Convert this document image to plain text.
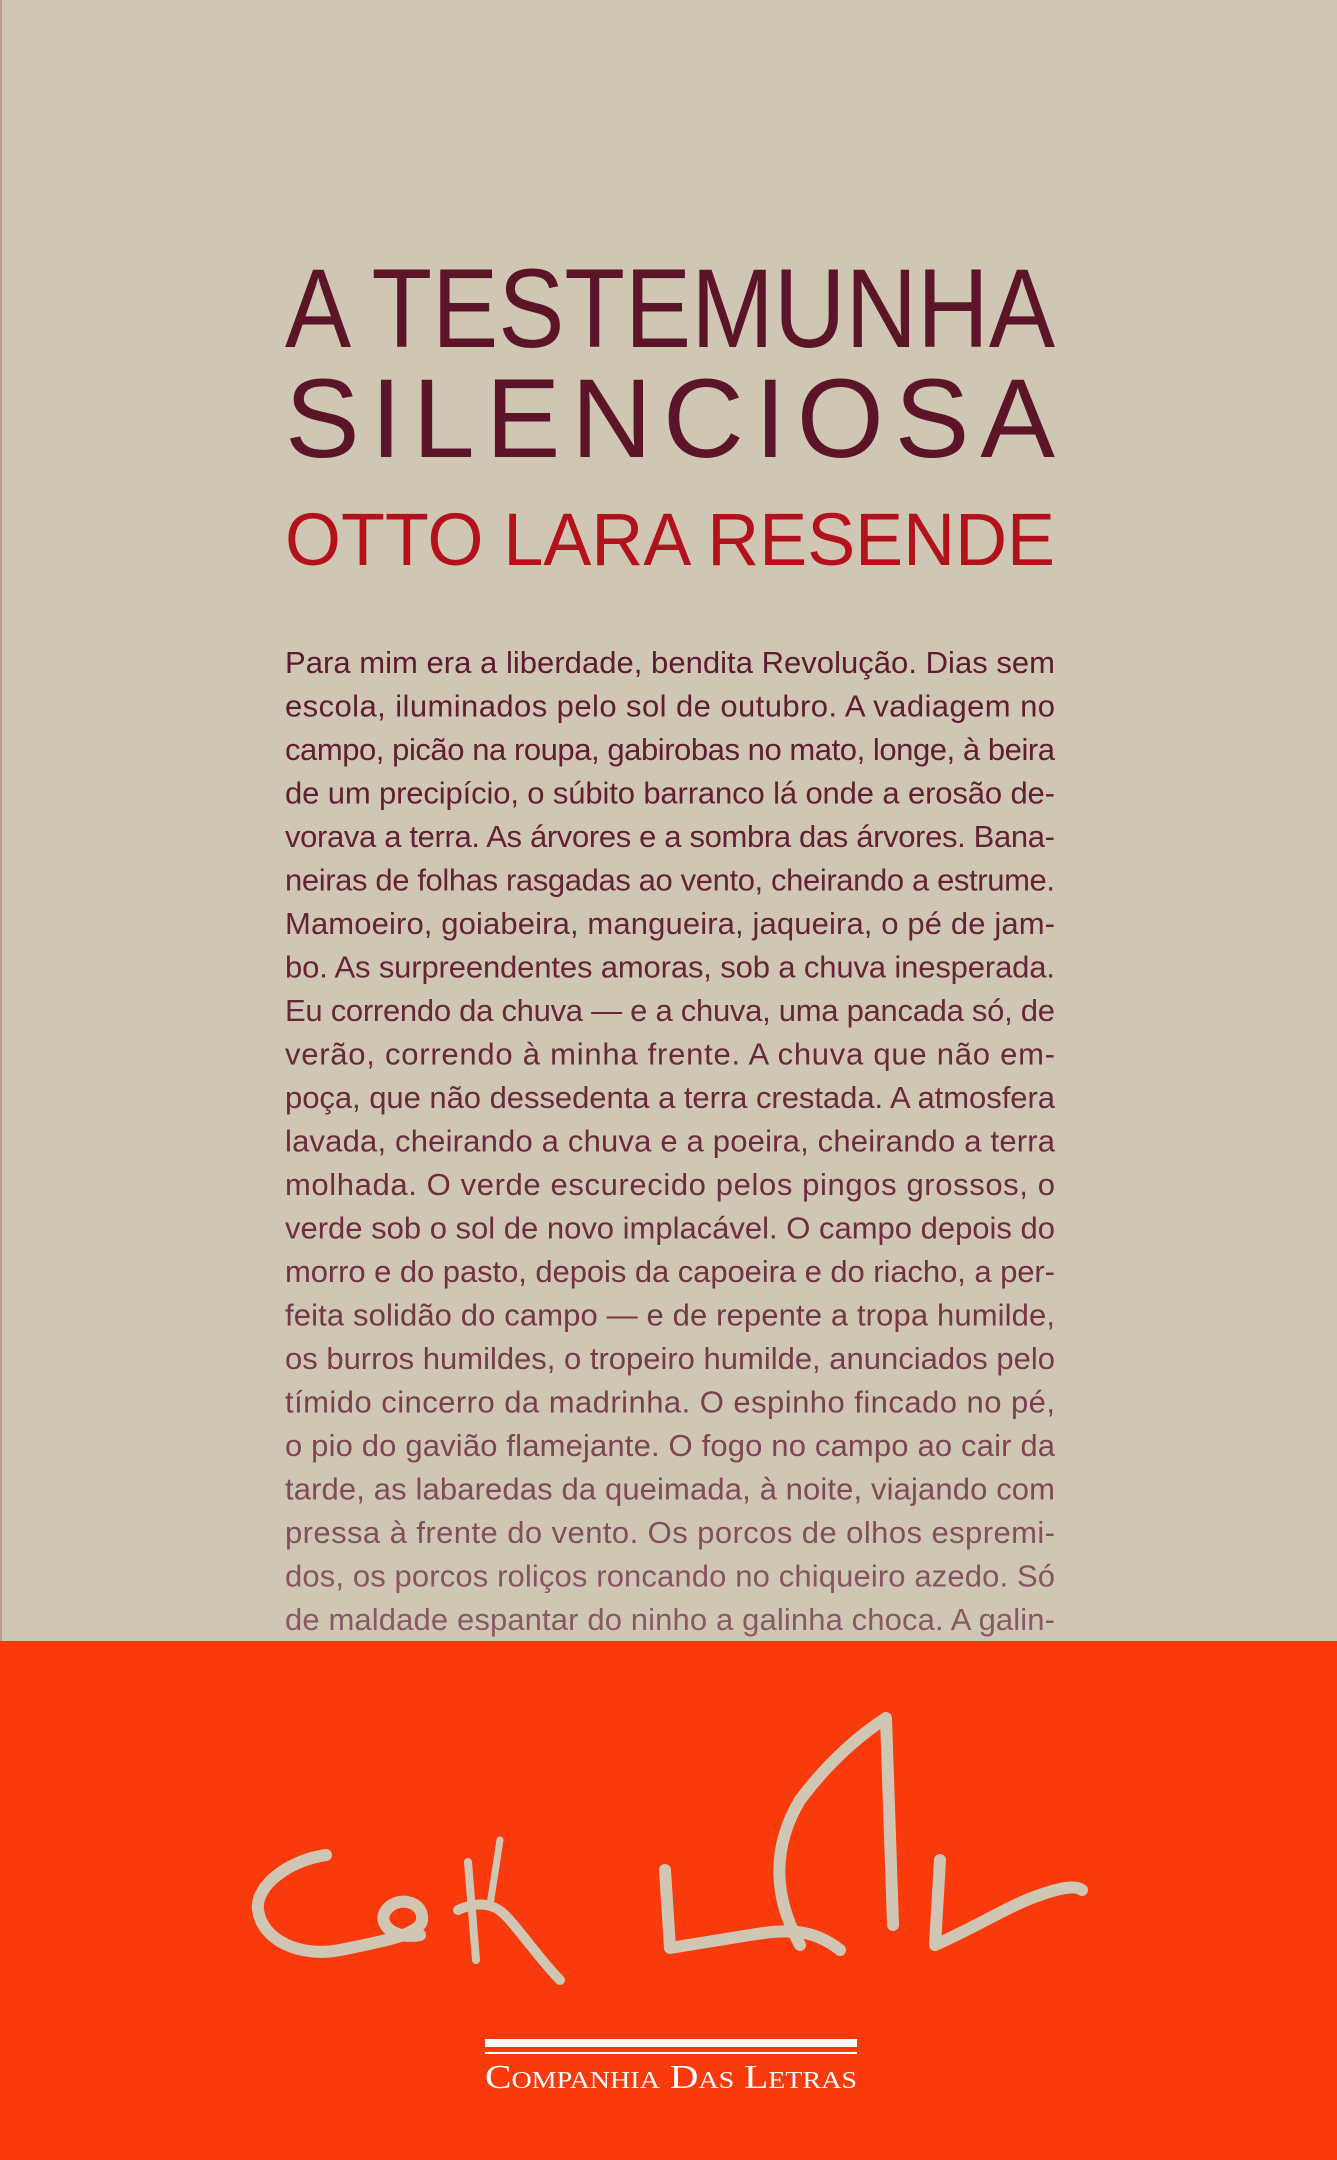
A TESTEMUNHA
SILENCIOSA
OTTO LARA RESENDE
Para mim era a liberdade, bendita Revolução. Dias sem
escola, iluminados pelo sol de outubro. A vadiagem no
campo, picão na roupa, gabirobas no mato, longe, à beira
de um precipício, o súbito barranco lá onde a erosão de-
vorava a terra. As árvores e a sombra das árvores. Bana-
neiras de folhas rasgadas ao vento, cheirando a estrume.
Mamoeiro, goiabeira, mangueira, jaqueira, o pé de jam-
bo. As surpreendentes amoras, sob a chuva inesperada.
Eu correndo da chuva — e a chuva, uma pancada só, de
verão, correndo à minha frente. A chuva que não em-
poça, que não dessedenta a terra crestada. A atmosfera
lavada, cheirando a chuva e a poeira, cheirando a terra
molhada. O verde escurecido pelos pingos grossos, o
verde sob o sol de novo implacável. O campo depois do
morro e do pasto, depois da capoeira e do riacho, a per-
feita solidão do campo — e de repente a tropa humilde,
os burros humildes, o tropeiro humilde, anunciados pelo
tímido cincerro da madrinha. O espinho fincado no pé,
o pio do gavião flamejante. O fogo no campo ao cair da
tarde, as labaredas da queimada, à noite, viajando com
pressa à frente do vento. Os porcos de olhos espremi-
dos, os porcos roliços roncando no chiqueiro azedo. Só
de maldade espantar do ninho a galinha choca. A galin-
Companhia Das Letras
